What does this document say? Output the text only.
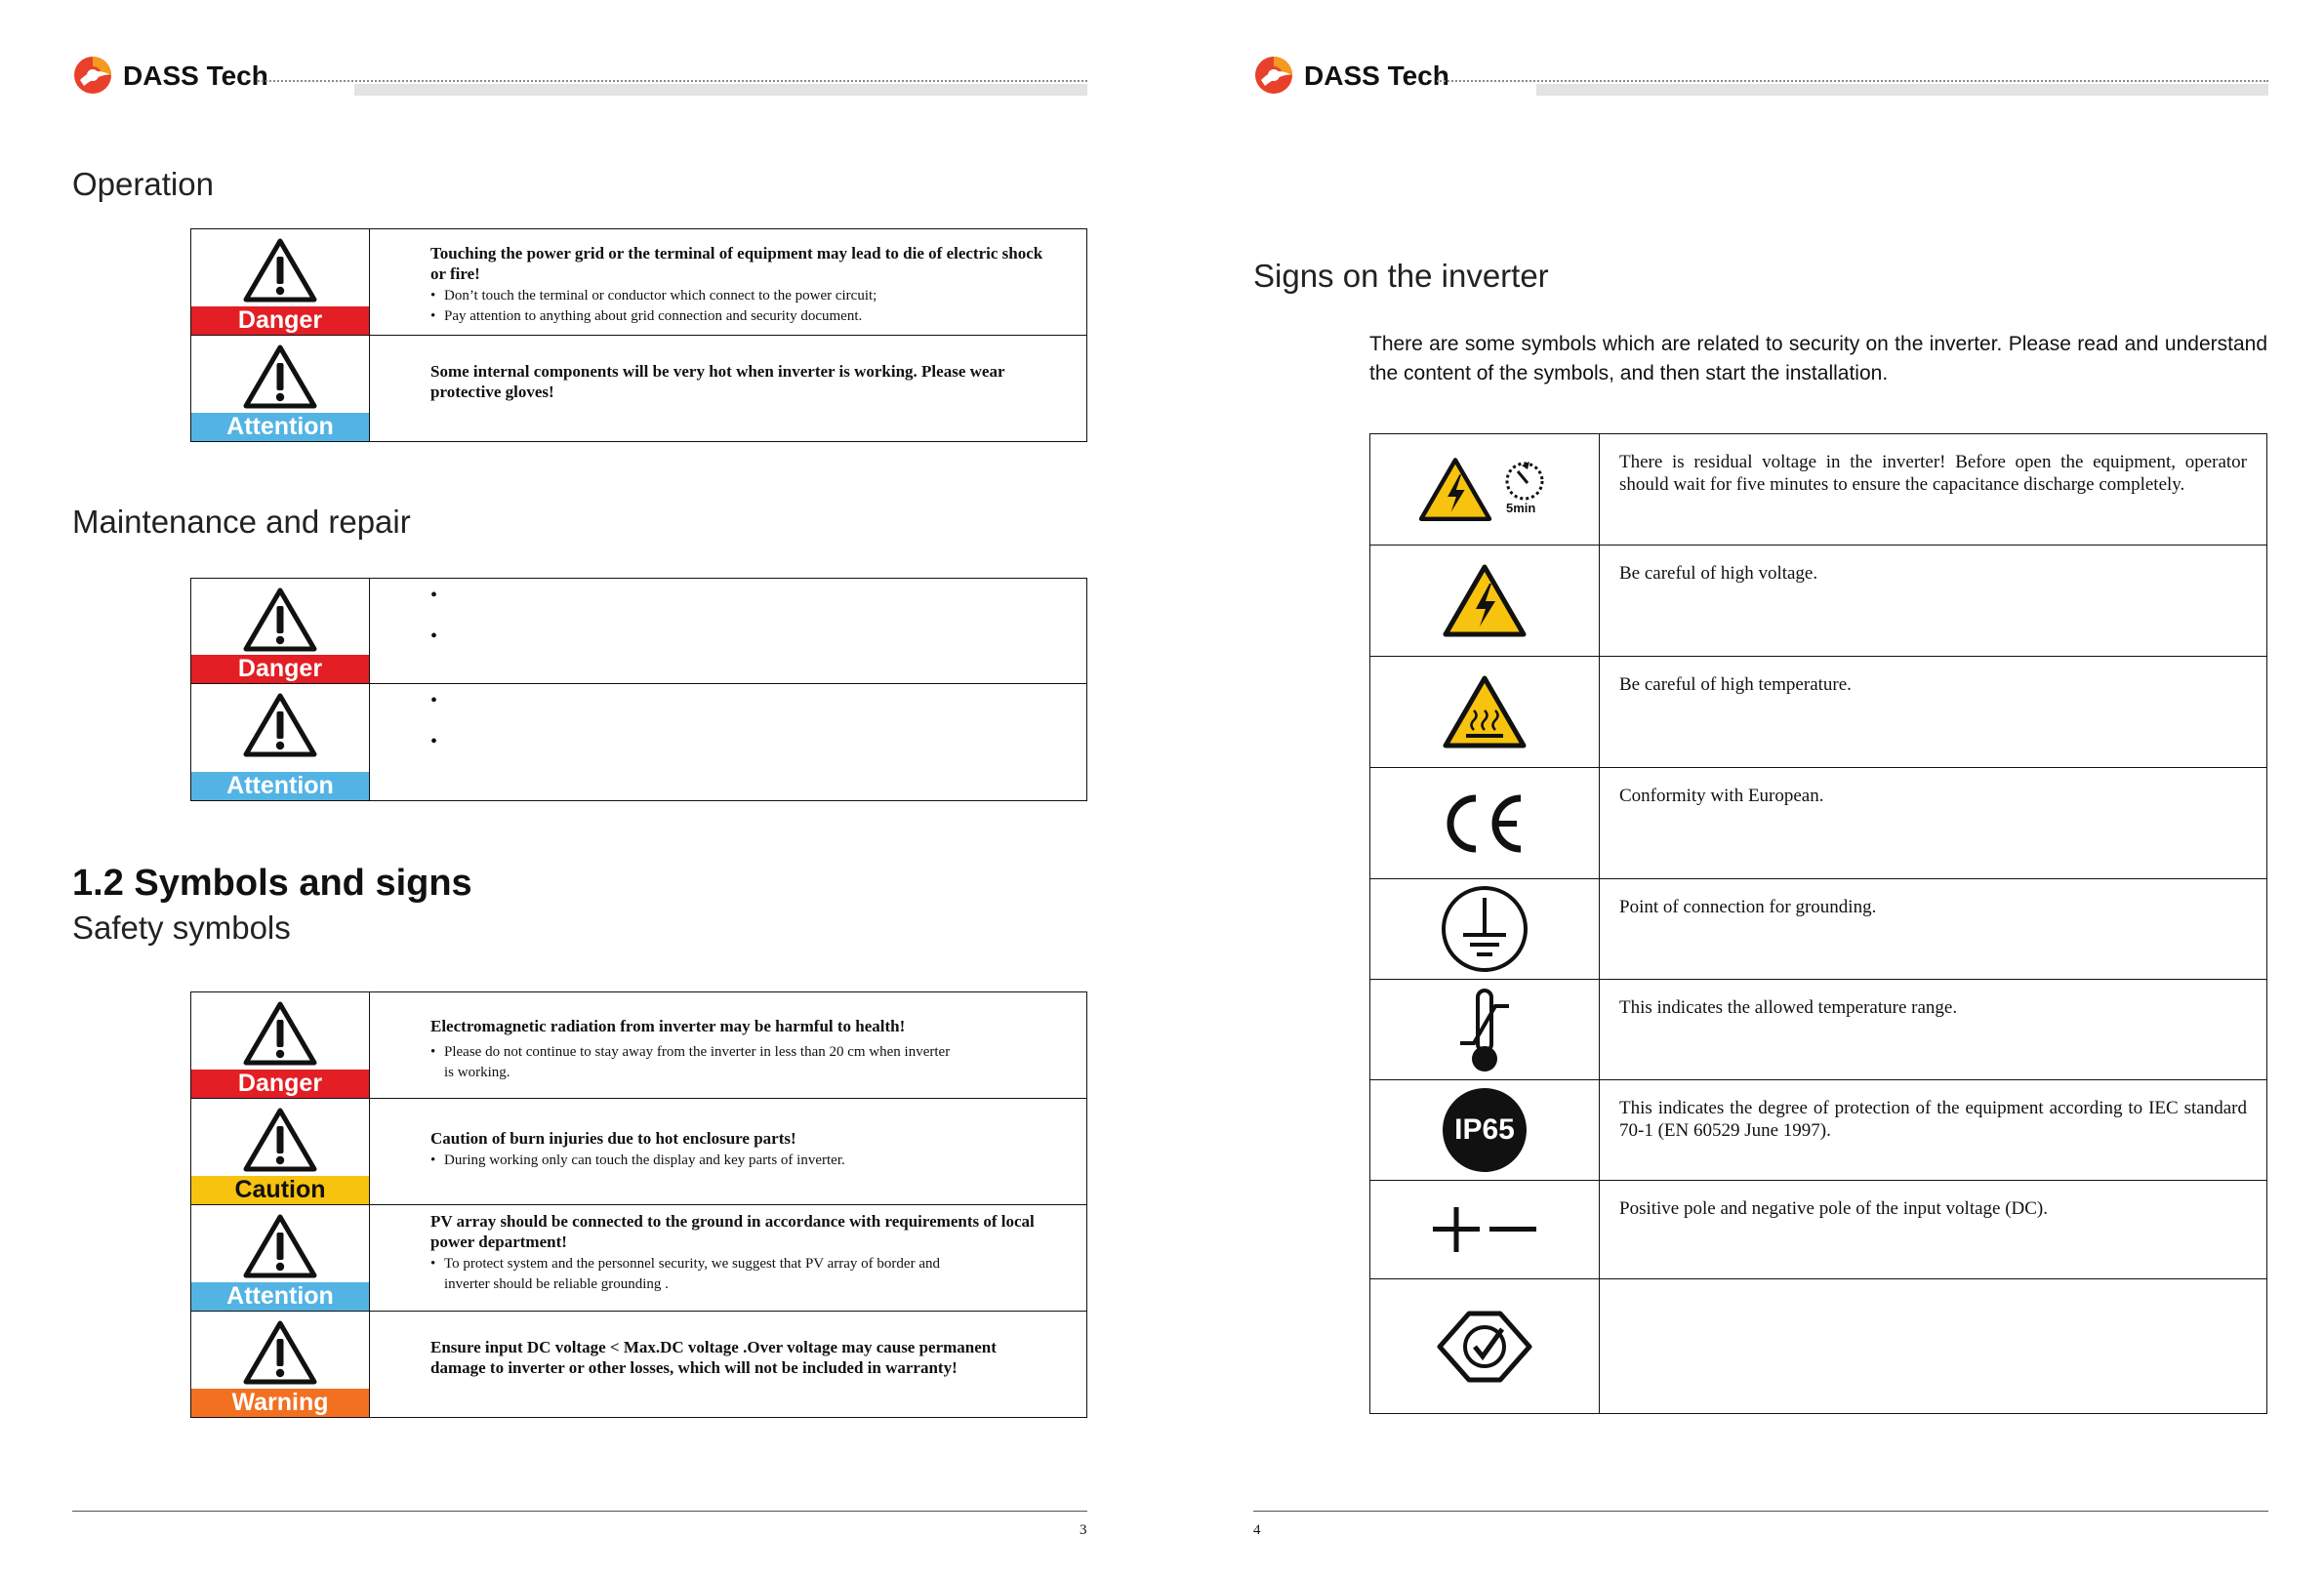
DASS Tech
Operation
Danger	Touching the power grid or the terminal of equipment may lead to die of electric shock or fire!

• Don’t touch the terminal or conductor which connect to the power circuit;

• Pay attention to anything about grid connection and security document.

Attention	Some internal components will be very hot when inverter is working. Please wear protective gloves!

Maintenance and repair
Danger	•
•

Attention	•
•
1.2 Symbols and signs
Safety symbols
Danger	Electromagnetic radiation from inverter may be harmful to health!

• Please do not continue to stay away from the inverter in less than 20 cm when inverter is working.

Caution	Caution of burn injuries due to hot enclosure parts!

• During working only can touch the display and key parts of inverter.

Attention	PV array should be connected to the ground in accordance with requirements of local power department!

• To protect system and the personnel security, we suggest that PV array of border and inverter should be reliable grounding .

Warning	Ensure input DC voltage < Max.DC voltage .Over voltage may cause permanent damage to inverter or other losses, which will not be included in warranty!

3
DASS Tech
Signs on the inverter
There are some symbols which are related to security on the inverter. Please read and understand the content of the symbols, and then start the installation.
5min	There is residual voltage in the inverter! Before open the equipment, operator should wait for five minutes to ensure the capacitance discharge completely.

	Be careful of high voltage.

	Be careful of high temperature.

	Conformity with European.

	Point of connection for grounding.

	This indicates the allowed temperature range.

IP65	This indicates the degree of protection of the equipment according to IEC standard 70-1 (EN 60529 June 1997).

	Positive pole and negative pole of the input voltage (DC).

4
